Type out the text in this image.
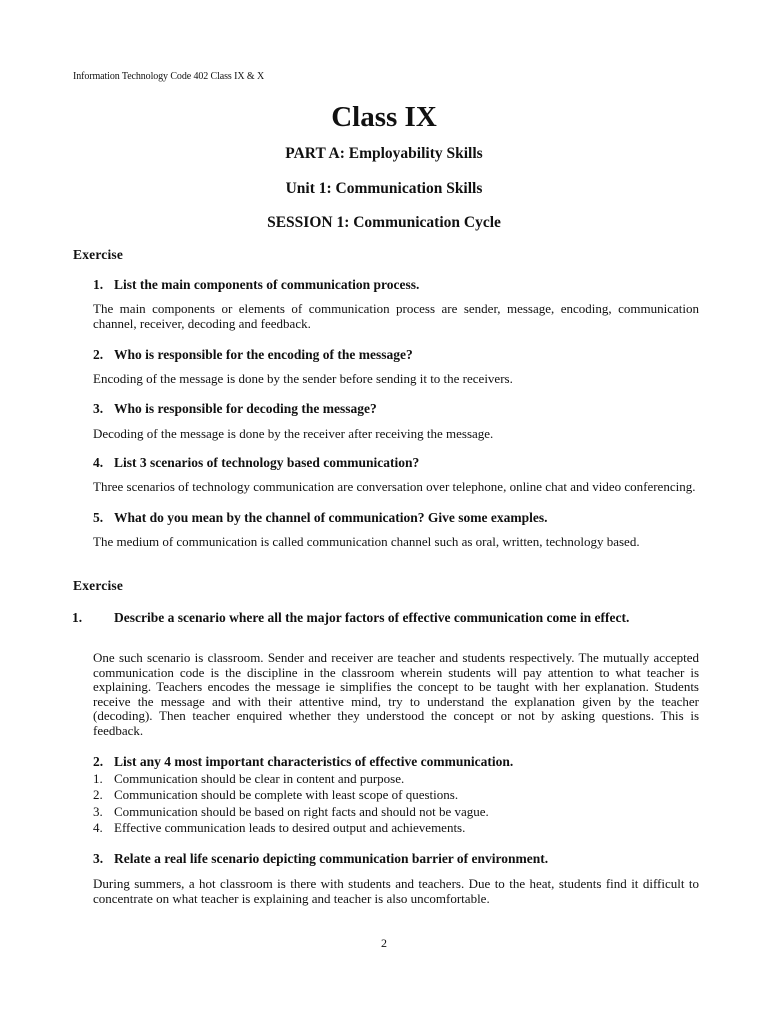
Information Technology Code 402 Class IX & X
Class IX
PART A: Employability Skills
Unit 1: Communication Skills
SESSION 1: Communication Cycle
Exercise
1. List the main components of communication process.
The main components or elements of communication process are sender, message, encoding, communication channel, receiver, decoding and feedback.
2. Who is responsible for the encoding of the message?
Encoding of the message is done by the sender before sending it to the receivers.
3. Who is responsible for decoding the message?
Decoding of the message is done by the receiver after receiving the message.
4. List 3 scenarios of technology based communication?
Three scenarios of technology communication are conversation over telephone, online chat and video conferencing.
5. What do you mean by the channel of communication? Give some examples.
The medium of communication is called communication channel such as oral, written, technology based.
Exercise
1. Describe a scenario where all the major factors of effective communication come in effect.
One such scenario is classroom. Sender and receiver are teacher and students respectively. The mutually accepted communication code is the discipline in the classroom wherein students will pay attention to what teacher is explaining. Teachers encodes the message ie simplifies the concept to be taught with her explanation. Students receive the message and with their attentive mind, try to understand the explanation given by the teacher (decoding). Then teacher enquired whether they understood the concept or not by asking questions. This is feedback.
2. List any 4 most important characteristics of effective communication.
1. Communication should be clear in content and purpose.
2. Communication should be complete with least scope of questions.
3. Communication should be based on right facts and should not be vague.
4. Effective communication leads to desired output and achievements.
3. Relate a real life scenario depicting communication barrier of environment.
During summers, a hot classroom is there with students and teachers. Due to the heat, students find it difficult to concentrate on what teacher is explaining and teacher is also uncomfortable.
2
